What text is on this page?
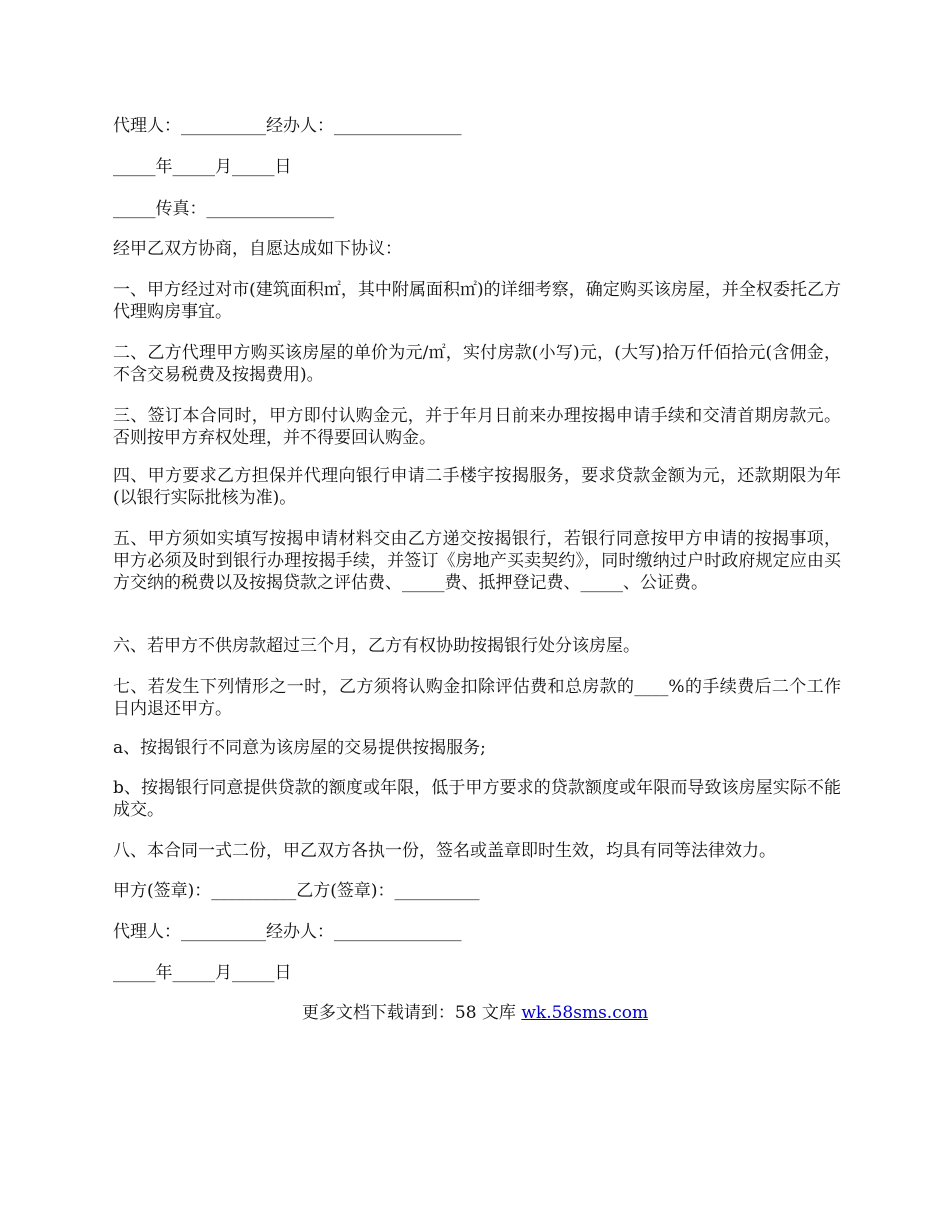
代理人：__________经办人：_______________

_____年_____月_____日

_____传真：_______________

经甲乙双方协商，自愿达成如下协议：

一、甲方经过对市(建筑面积㎡，其中附属面积㎡)的详细考察，确定购买该房屋，并全权委托乙方代理购房事宜。

二、乙方代理甲方购买该房屋的单价为元/㎡，实付房款(小写)元，(大写)拾万仟佰拾元(含佣金，不含交易税费及按揭费用)。

三、签订本合同时，甲方即付认购金元，并于年月日前来办理按揭申请手续和交清首期房款元。否则按甲方弃权处理，并不得要回认购金。

四、甲方要求乙方担保并代理向银行申请二手楼宇按揭服务，要求贷款金额为元，还款期限为年(以银行实际批核为准)。

五、甲方须如实填写按揭申请材料交由乙方递交按揭银行，若银行同意按甲方申请的按揭事项，甲方必须及时到银行办理按揭手续，并签订《房地产买卖契约》，同时缴纳过户时政府规定应由买方交纳的税费以及按揭贷款之评估费、_____费、抵押登记费、_____、公证费。

六、若甲方不供房款超过三个月，乙方有权协助按揭银行处分该房屋。

七、若发生下列情形之一时，乙方须将认购金扣除评估费和总房款的____%的手续费后二个工作日内退还甲方。

a、按揭银行不同意为该房屋的交易提供按揭服务;

b、按揭银行同意提供贷款的额度或年限，低于甲方要求的贷款额度或年限而导致该房屋实际不能成交。

八、本合同一式二份，甲乙双方各执一份，签名或盖章即时生效，均具有同等法律效力。

甲方(签章)：__________乙方(签章)：__________

代理人：__________经办人：_______________

_____年_____月_____日

更多文档下载请到：58 文库 wk.58sms.com
